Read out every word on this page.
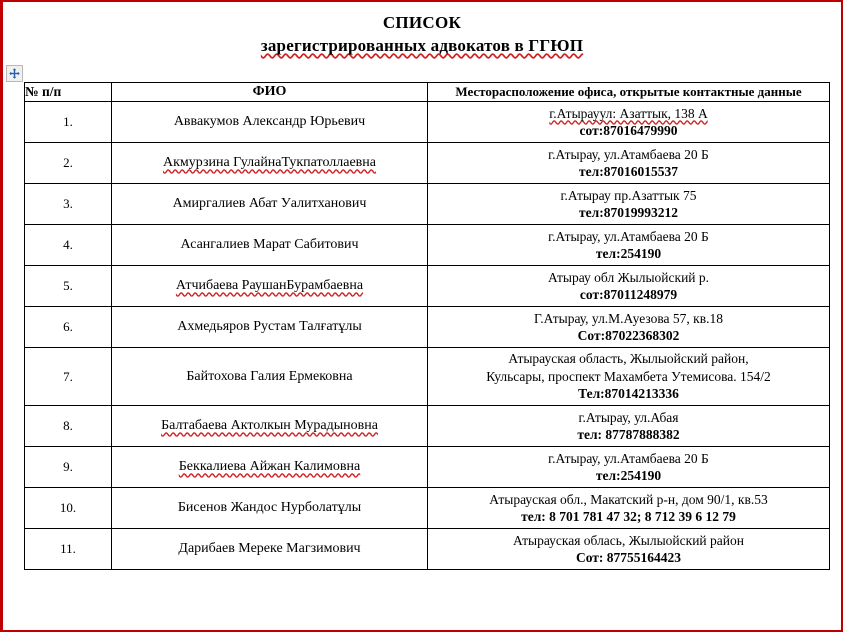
СПИСОК
зарегистрированных адвокатов в ГГЮП
№ п/п	ФИО	Месторасположение офиса, открытые контактные данные
1.	Аввакумов Александр Юрьевич	г.Атырауул: Азаттык, 138 А
сот:87016479990

2.	Акмурзина ГулайнаТукпатоллаевна	г.Атырау, ул.Атамбаева 20 Б
тел:87016015537

3.	Амиргалиев Абат Уалитханович	г.Атырау пр.Азаттык 75
тел:87019993212

4.	Асангалиев Марат Сабитович	г.Атырау, ул.Атамбаева 20 Б
тел:254190

5.	Атчибаева РаушанБурамбаевна	Атырау обл Жылыойский р.
сот:87011248979

6.	Ахмедьяров Рустам Талғатұлы	Г.Атырау, ул.М.Ауезова 57, кв.18
Сот:87022368302

7.	Байтохова Галия Ермековна	Атырауская область, Жылыойский район,
Кульсары, проспект Махамбета Утемисова. 154/2
Тел:87014213336

8.	Балтабаева Актолкын Мурадыновна	г.Атырау, ул.Абая
тел: 87787888382

9.	Беккалиева Айжан Калимовна	г.Атырау, ул.Атамбаева 20 Б
тел:254190

10.	Бисенов Жандос Нурболатұлы	Атырауская обл., Макатский р-н, дом 90/1, кв.53
тел: 8 701 781 47 32; 8 712 39 6 12 79

11.	Дарибаев Мереке Магзимович	Атырауская облась, Жылыойский район
Сот: 87755164423
